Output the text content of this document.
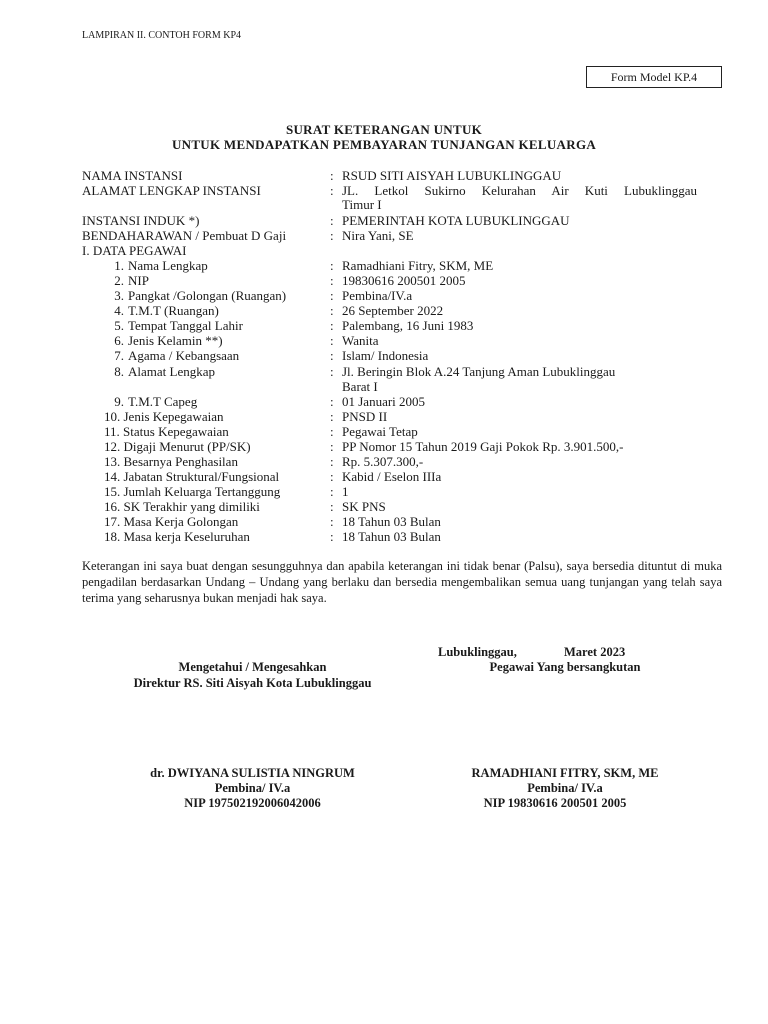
LAMPIRAN II. CONTOH FORM KP4
Form Model KP.4
SURAT KETERANGAN UNTUK
UNTUK MENDAPATKAN PEMBAYARAN TUNJANGAN KELUARGA
NAMA INSTANSI	: RSUD SITI AISYAH LUBUKLINGGAU
ALAMAT LENGKAP INSTANSI	: JL. Letkol Sukirno Kelurahan Air Kuti Lubuklinggau
Timur I
INSTANSI INDUK *)	: PEMERINTAH KOTA LUBUKLINGGAU
BENDAHARAWAN / Pembuat D Gaji	: Nira Yani, SE
I. DATA PEGAWAI
1. Nama Lengkap	: Ramadhiani Fitry, SKM, ME
2. NIP	: 19830616 200501 2005
3. Pangkat /Golongan (Ruangan)	: Pembina/IV.a
4. T.M.T (Ruangan)	: 26 September 2022
5. Tempat Tanggal Lahir	: Palembang, 16 Juni 1983
6. Jenis Kelamin **)	: Wanita
7. Agama / Kebangsaan	: Islam/ Indonesia
8. Alamat Lengkap	: Jl. Beringin Blok A.24 Tanjung Aman Lubuklinggau
Barat I
9. T.M.T Capeg	: 01 Januari 2005
10. Jenis Kepegawaian	: PNSD II
11. Status Kepegawaian	: Pegawai Tetap
12. Digaji Menurut (PP/SK)	: PP Nomor 15 Tahun 2019 Gaji Pokok Rp. 3.901.500,-
13. Besarnya Penghasilan	: Rp. 5.307.300,-
14. Jabatan Struktural/Fungsional	: Kabid / Eselon IIIa
15. Jumlah Keluarga Tertanggung	: 1
16. SK Terakhir yang dimiliki	: SK PNS
17. Masa Kerja Golongan	: 18 Tahun 03 Bulan
18. Masa kerja Keseluruhan	: 18 Tahun 03 Bulan
Keterangan ini saya buat dengan sesungguhnya dan apabila keterangan ini tidak benar (Palsu), saya bersedia dituntut di muka pengadilan berdasarkan Undang – Undang yang berlaku dan bersedia mengembalikan semua uang tunjangan yang telah saya terima yang seharusnya bukan menjadi hak saya.
Lubuklinggau,	Maret 2023
Mengetahui / Mengesahkan
Direktur RS. Siti Aisyah Kota Lubuklinggau
dr. DWIYANA SULISTIA NINGRUM
Pembina/ IV.a
NIP 197502192006042006
Pegawai Yang bersangkutan
RAMADHIANI FITRY, SKM, ME
Pembina/ IV.a
NIP 19830616 200501 2005
